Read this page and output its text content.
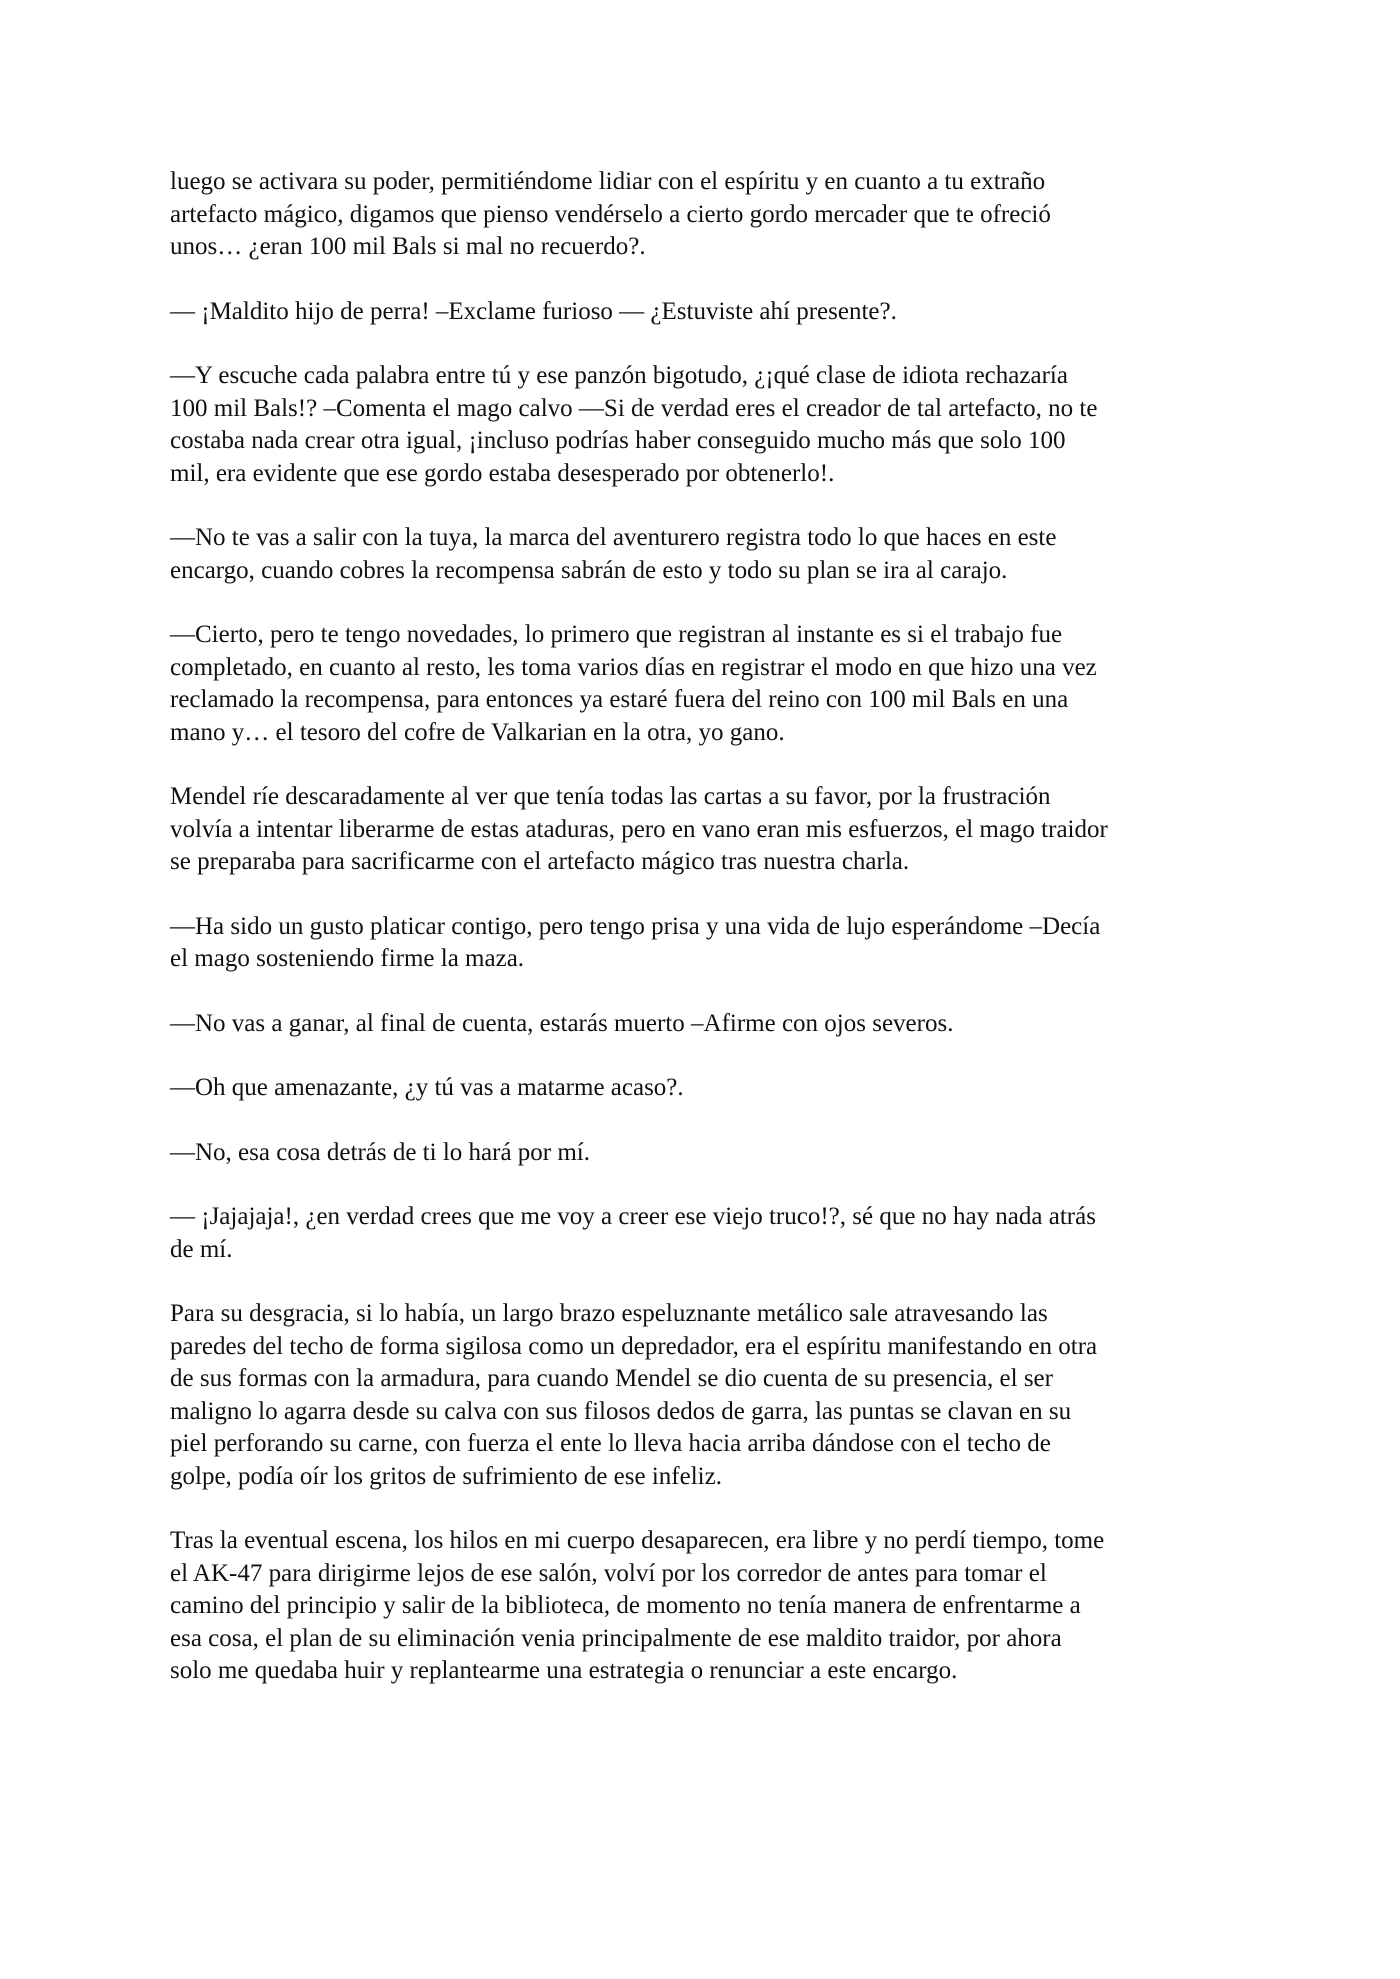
luego se activara su poder, permitiéndome lidiar con el espíritu y en cuanto a tu extraño
artefacto mágico, digamos que pienso vendérselo a cierto gordo mercader que te ofreció
unos… ¿eran 100 mil Bals si mal no recuerdo?.

— ¡Maldito hijo de perra! –Exclame furioso — ¿Estuviste ahí presente?.

—Y escuche cada palabra entre tú y ese panzón bigotudo, ¿¡qué clase de idiota rechazaría
100 mil Bals!? –Comenta el mago calvo —Si de verdad eres el creador de tal artefacto, no te
costaba nada crear otra igual, ¡incluso podrías haber conseguido mucho más que solo 100
mil, era evidente que ese gordo estaba desesperado por obtenerlo!.

—No te vas a salir con la tuya, la marca del aventurero registra todo lo que haces en este
encargo, cuando cobres la recompensa sabrán de esto y todo su plan se ira al carajo.

—Cierto, pero te tengo novedades, lo primero que registran al instante es si el trabajo fue
completado, en cuanto al resto, les toma varios días en registrar el modo en que hizo una vez
reclamado la recompensa, para entonces ya estaré fuera del reino con 100 mil Bals en una
mano y… el tesoro del cofre de Valkarian en la otra, yo gano.

Mendel ríe descaradamente al ver que tenía todas las cartas a su favor, por la frustración
volvía a intentar liberarme de estas ataduras, pero en vano eran mis esfuerzos, el mago traidor
se preparaba para sacrificarme con el artefacto mágico tras nuestra charla.

—Ha sido un gusto platicar contigo, pero tengo prisa y una vida de lujo esperándome –Decía
el mago sosteniendo firme la maza.

—No vas a ganar, al final de cuenta, estarás muerto –Afirme con ojos severos.

—Oh que amenazante, ¿y tú vas a matarme acaso?.

—No, esa cosa detrás de ti lo hará por mí.

— ¡Jajajaja!, ¿en verdad crees que me voy a creer ese viejo truco!?, sé que no hay nada atrás
de mí.

Para su desgracia, si lo había, un largo brazo espeluznante metálico sale atravesando las
paredes del techo de forma sigilosa como un depredador, era el espíritu manifestando en otra
de sus formas con la armadura, para cuando Mendel se dio cuenta de su presencia, el ser
maligno lo agarra desde su calva con sus filosos dedos de garra, las puntas se clavan en su
piel perforando su carne, con fuerza el ente lo lleva hacia arriba dándose con el techo de
golpe, podía oír los gritos de sufrimiento de ese infeliz.

Tras la eventual escena, los hilos en mi cuerpo desaparecen, era libre y no perdí tiempo, tome
el AK-47 para dirigirme lejos de ese salón, volví por los corredor de antes para tomar el
camino del principio y salir de la biblioteca, de momento no tenía manera de enfrentarme a
esa cosa, el plan de su eliminación venia principalmente de ese maldito traidor, por ahora
solo me quedaba huir y replantearme una estrategia o renunciar a este encargo.
